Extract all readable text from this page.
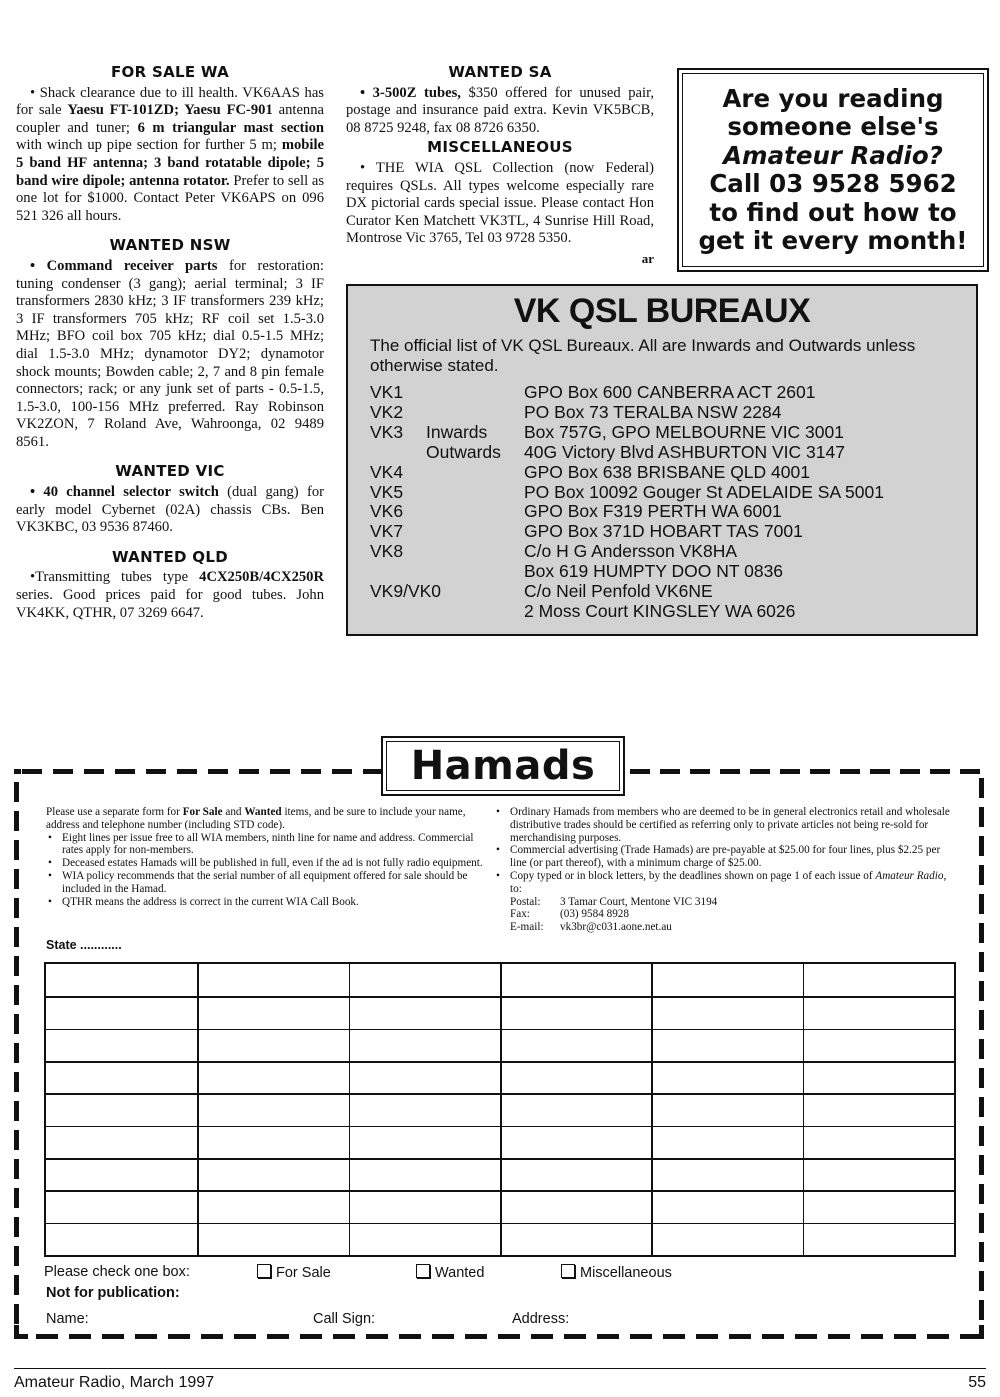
FOR SALE WA

• Shack clearance due to ill health. VK6AAS has for sale Yaesu FT-101ZD; Yaesu FC-901 antenna coupler and tuner; 6 m triangular mast section with winch up pipe section for further 5 m; mobile 5 band HF antenna; 3 band rotatable dipole; 5 band wire dipole; antenna rotator. Prefer to sell as one lot for $1000. Contact Peter VK6APS on 096 521 326 all hours.

WANTED NSW

• Command receiver parts for restoration: tuning condenser (3 gang); aerial terminal; 3 IF transformers 2830 kHz; 3 IF transformers 239 kHz; 3 IF transformers 705 kHz; RF coil set 1.5-3.0 MHz; BFO coil box 705 kHz; dial 0.5-1.5 MHz; dial 1.5-3.0 MHz; dynamotor DY2; dynamotor shock mounts; Bowden cable; 2, 7 and 8 pin female connectors; rack; or any junk set of parts - 0.5-1.5, 1.5-3.0, 100-156 MHz preferred. Ray Robinson VK2ZON, 7 Roland Ave, Wahroonga, 02 9489 8561.

WANTED VIC

• 40 channel selector switch (dual gang) for early model Cybernet (02A) chassis CBs. Ben VK3KBC, 03 9536 87460.

WANTED QLD

•Transmitting tubes type 4CX250B/4CX250R series. Good prices paid for good tubes. John VK4KK, QTHR, 07 3269 6647.

WANTED SA

• 3-500Z tubes, $350 offered for unused pair, postage and insurance paid extra. Kevin VK5BCB, 08 8725 9248, fax 08 8726 6350.

MISCELLANEOUS

• THE WIA QSL Collection (now Federal) requires QSLs. All types welcome especially rare DX pictorial cards special issue. Please contact Hon Curator Ken Matchett VK3TL, 4 Sunrise Hill Road, Montrose Vic 3765, Tel 03 9728 5350.

ar
Are you reading
someone else's
Amateur Radio?
Call 03 9528 5962
to find out how to
get it every month!
VK QSL BUREAUX
The official list of VK QSL Bureaux. All are Inwards and Outwards unless otherwise stated.
VK1	GPO Box 600 CANBERRA ACT 2601
VK2	PO Box 73 TERALBA NSW 2284
VK3 Inwards Box 757G, GPO MELBOURNE VIC 3001
Outwards 40G Victory Blvd ASHBURTON VIC 3147
VK4	GPO Box 638 BRISBANE QLD 4001
VK5	PO Box 10092 Gouger St ADELAIDE SA 5001
VK6	GPO Box F319 PERTH WA 6001
VK7	GPO Box 371D HOBART TAS 7001
VK8	C/o H G Andersson VK8HA
Box 619 HUMPTY DOO NT 0836
VK9/VK0	C/o Neil Penfold VK6NE
2 Moss Court KINGSLEY WA 6026
Hamads
Please use a separate form for For Sale and Wanted items, and be sure to include your name, address and telephone number (including STD code).
• Eight lines per issue free to all WIA members, ninth line for name and address. Commercial rates apply for non-members.
• Deceased estates Hamads will be published in full, even if the ad is not fully radio equipment.
• WIA policy recommends that the serial number of all equipment offered for sale should be included in the Hamad.
• QTHR means the address is correct in the current WIA Call Book.
• Ordinary Hamads from members who are deemed to be in general electronics retail and wholesale distributive trades should be certified as referring only to private articles not being re-sold for merchandising purposes.
• Commercial advertising (Trade Hamads) are pre-payable at $25.00 for four lines, plus $2.25 per line (or part thereof), with a minimum charge of $25.00.
• Copy typed or in block letters, by the deadlines shown on page 1 of each issue of Amateur Radio, to:
Postal: 3 Tamar Court, Mentone VIC 3194
Fax:	(03) 9584 8928
E-mail: vk3br@c031.aone.net.au
State ............
Please check one box:	For Sale	Wanted	Miscellaneous
Not for publication:
Name:	Call Sign:	Address:
Amateur Radio, March 1997	55
